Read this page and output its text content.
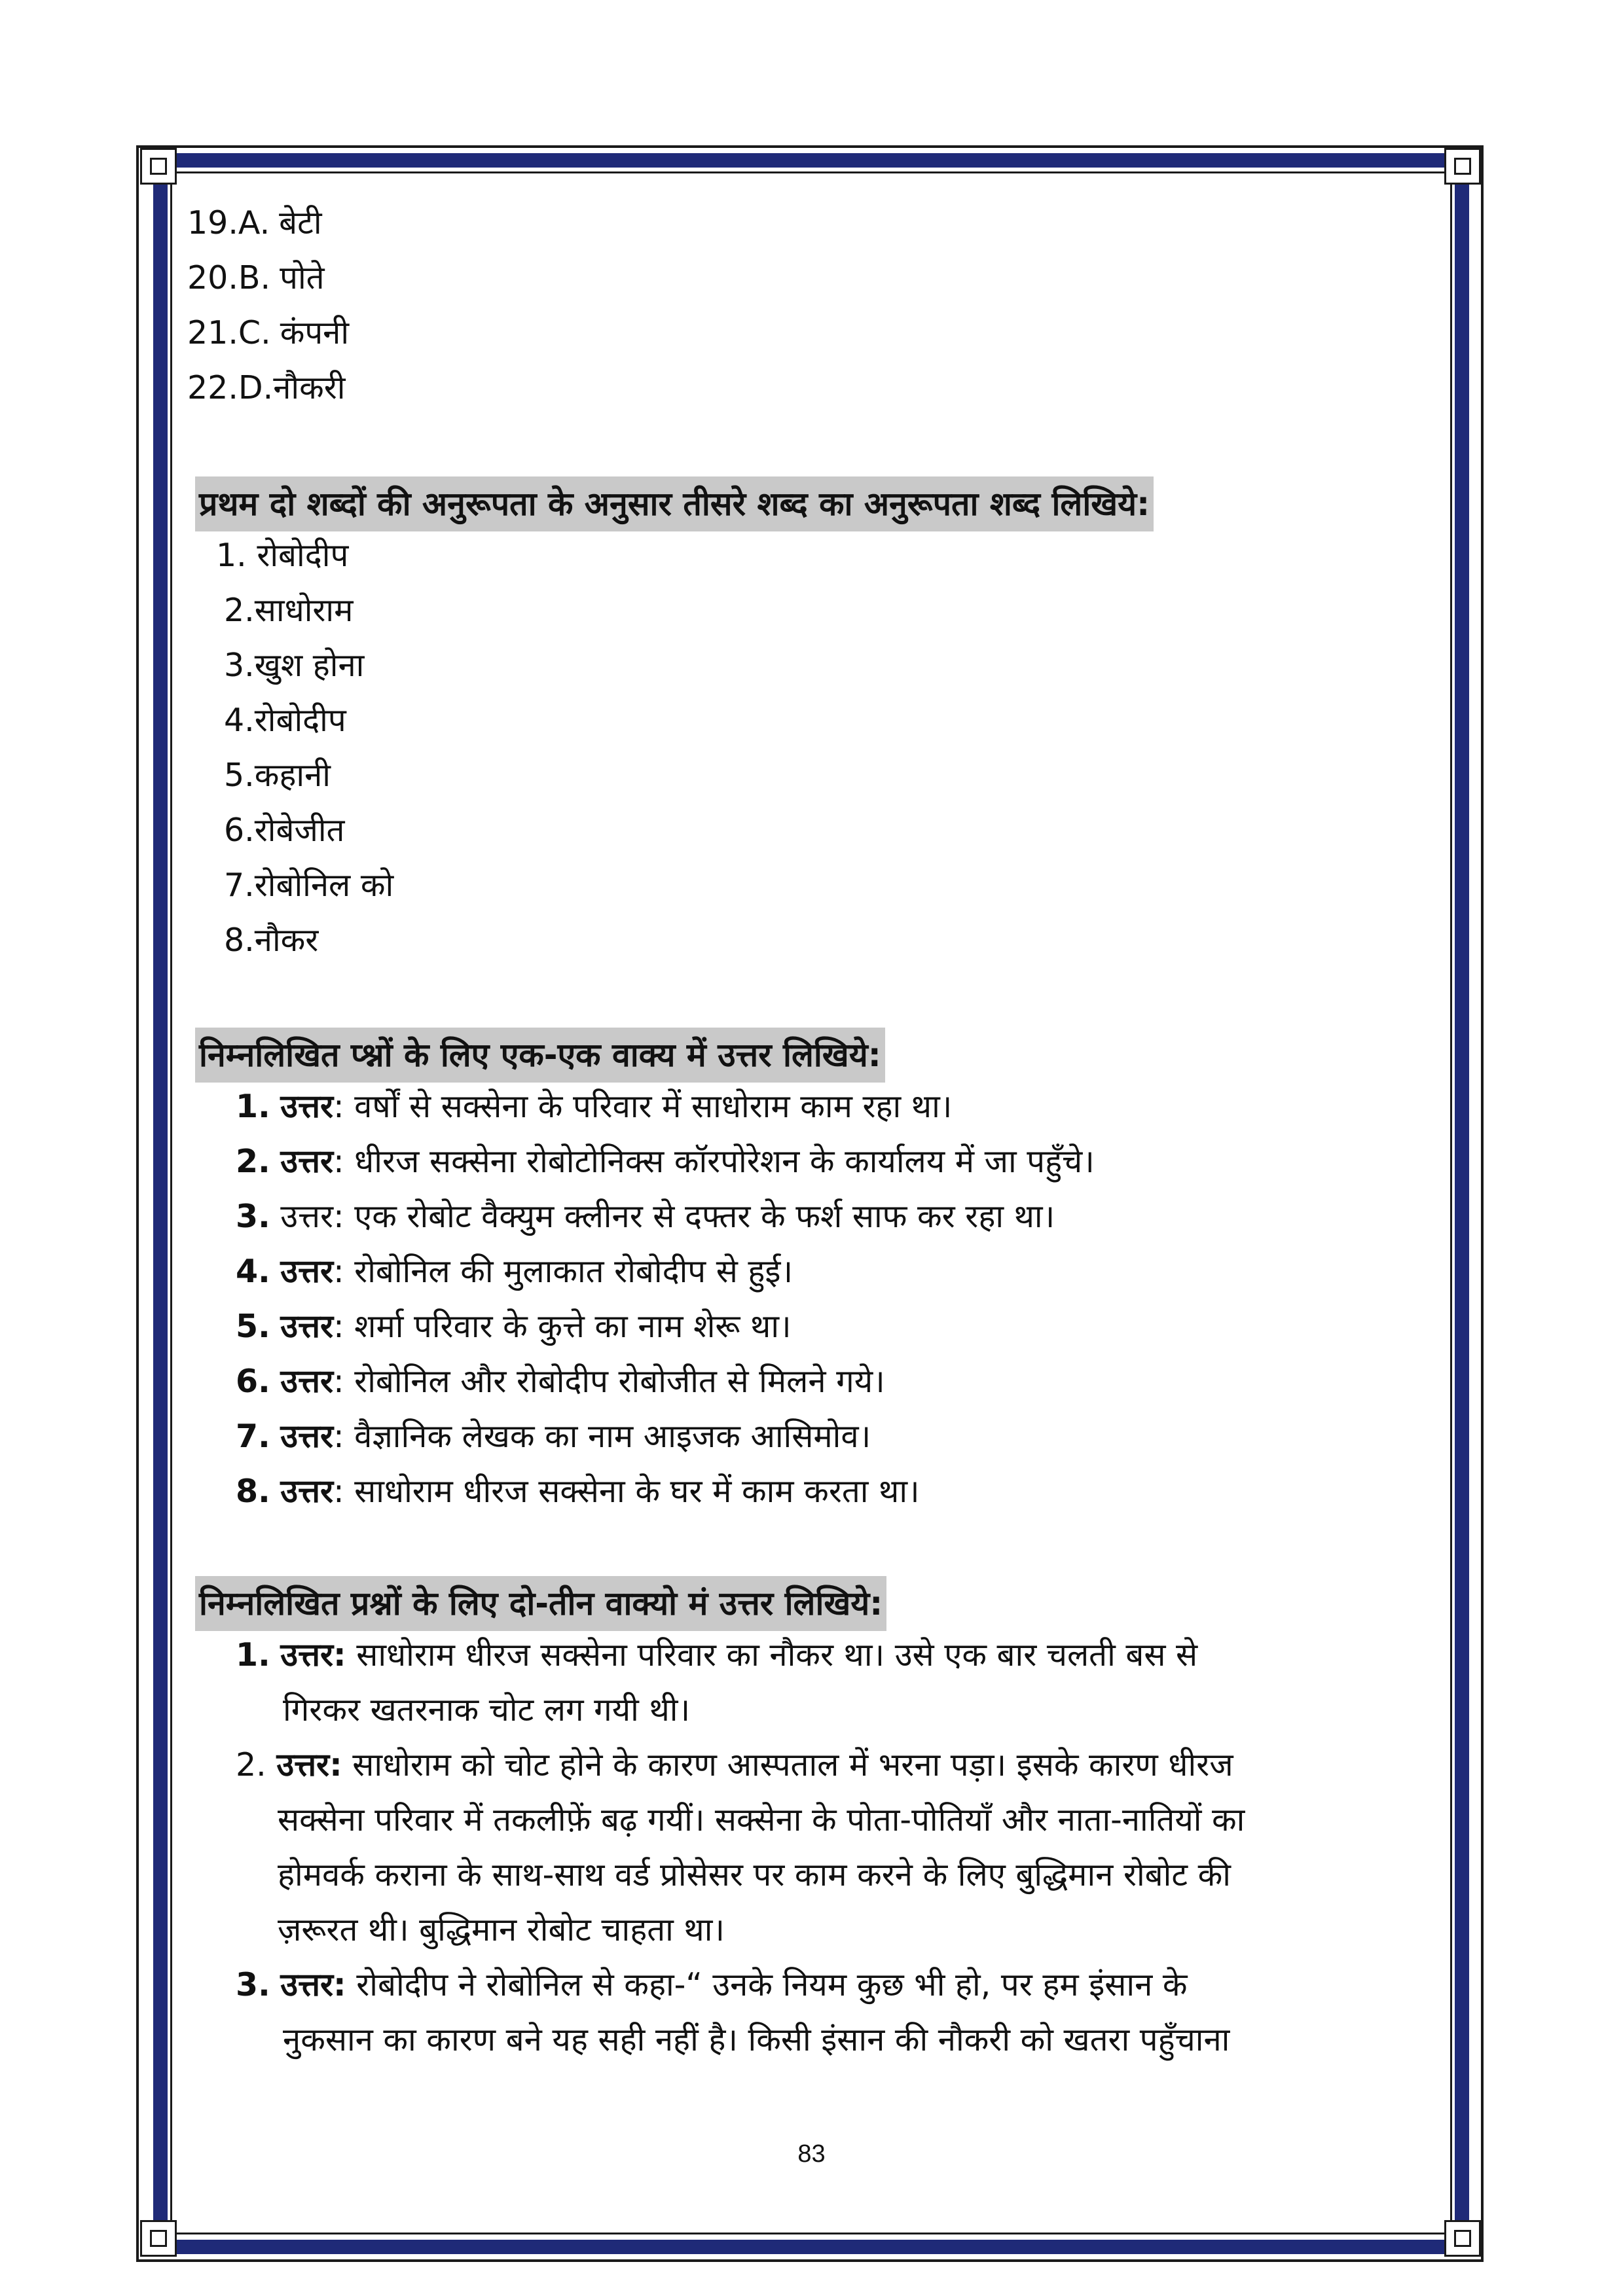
19.A. बेटी
20.B. पोते
21.C. कंपनी
22.D.नौकरी
प्रथम दो शब्दों की अनुरूपता के अनुसार तीसरे शब्द का अनुरूपता शब्द लिखिये:
1. रोबोदीप
2.साधोराम
3.खुश होना
4.रोबोदीप
5.कहानी
6.रोबेजीत
7.रोबोनिल को
8.नौकर
निम्नलिखित प्श्नों के लिए एक-एक वाक्य में उत्तर लिखिये:
1. उत्तर: वर्षों से सक्सेना के परिवार में साधोराम काम रहा था।
2. उत्तर: धीरज सक्सेना रोबोटोनिक्स कॉरपोरेशन के कार्यालय में जा पहुँचे।
3. उत्तर: एक रोबोट वैक्युम क्लीनर से दफ्तर के फर्श साफ कर रहा था।
4. उत्तर: रोबोनिल की मुलाकात रोबोदीप से हुई।
5. उत्तर: शर्मा परिवार के कुत्ते का नाम शेरू था।
6. उत्तर: रोबोनिल और रोबोदीप रोबोजीत से मिलने गये।
7. उत्तर: वैज्ञानिक लेखक का नाम आइजक आसिमोव।
8. उत्तर: साधोराम धीरज सक्सेना के घर में काम करता था।
निम्नलिखित प्रश्नों के लिए दो-तीन वाक्यो मं उत्तर लिखिये:
1. उत्तर: साधोराम धीरज सक्सेना परिवार का नौकर था। उसे एक बार चलती बस से
गिरकर खतरनाक चोट लग गयी थी।
2. उत्तर: साधोराम को चोट होने के कारण आस्पताल में भरना पड़ा। इसके कारण धीरज
सक्सेना परिवार में तकलीफ़ें बढ़ गयीं। सक्सेना के पोता-पोतियाँ और नाता-नातियों का
होमवर्क कराना के साथ-साथ वर्ड प्रोसेसर पर काम करने के लिए बुद्धिमान रोबोट की
ज़रूरत थी। बुद्धिमान रोबोट चाहता था।
3. उत्तर: रोबोदीप ने रोबोनिल से कहा-“ उनके नियम कुछ भी हो, पर हम इंसान के
नुकसान का कारण बने यह सही नहीं है। किसी इंसान की नौकरी को खतरा पहुँचाना
83
